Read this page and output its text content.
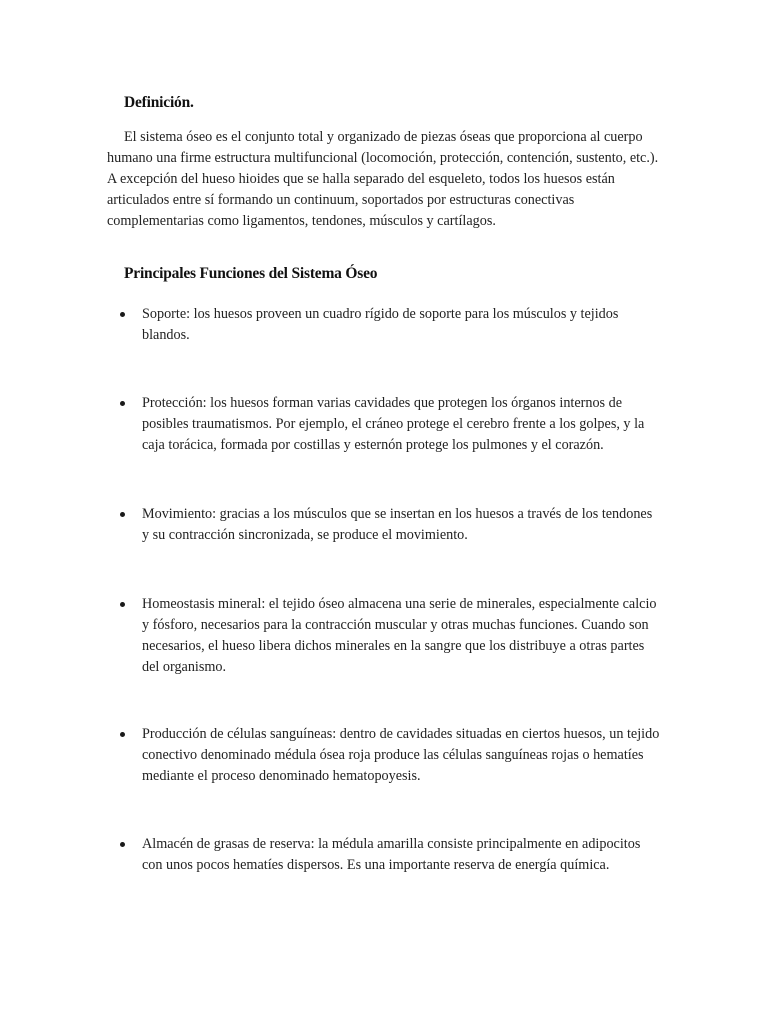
Definición.

El sistema óseo es el conjunto total y organizado de piezas óseas que proporciona al cuerpo humano una firme estructura multifuncional (locomoción, protección, contención, sustento, etc.). A excepción del hueso hioides que se halla separado del esqueleto, todos los huesos están articulados entre sí formando un continuum, soportados por estructuras conectivas complementarias como ligamentos, tendones, músculos y cartílagos.

Principales Funciones del Sistema Óseo
Soporte: los huesos proveen un cuadro rígido de soporte para los músculos y tejidos blandos.
Protección: los huesos forman varias cavidades que protegen los órganos internos de posibles traumatismos. Por ejemplo, el cráneo protege el cerebro frente a los golpes, y la caja torácica, formada por costillas y esternón protege los pulmones y el corazón.
Movimiento: gracias a los músculos que se insertan en los huesos a través de los tendones y su contracción sincronizada, se produce el movimiento.
Homeostasis mineral: el tejido óseo almacena una serie de minerales, especialmente calcio y fósforo, necesarios para la contracción muscular y otras muchas funciones. Cuando son necesarios, el hueso libera dichos minerales en la sangre que los distribuye a otras partes del organismo.
Producción de células sanguíneas: dentro de cavidades situadas en ciertos huesos, un tejido conectivo denominado médula ósea roja produce las células sanguíneas rojas o hematíes mediante el proceso denominado hematopoyesis.
Almacén de grasas de reserva: la médula amarilla consiste principalmente en adipocitos con unos pocos hematíes dispersos. Es una importante reserva de energía química.
